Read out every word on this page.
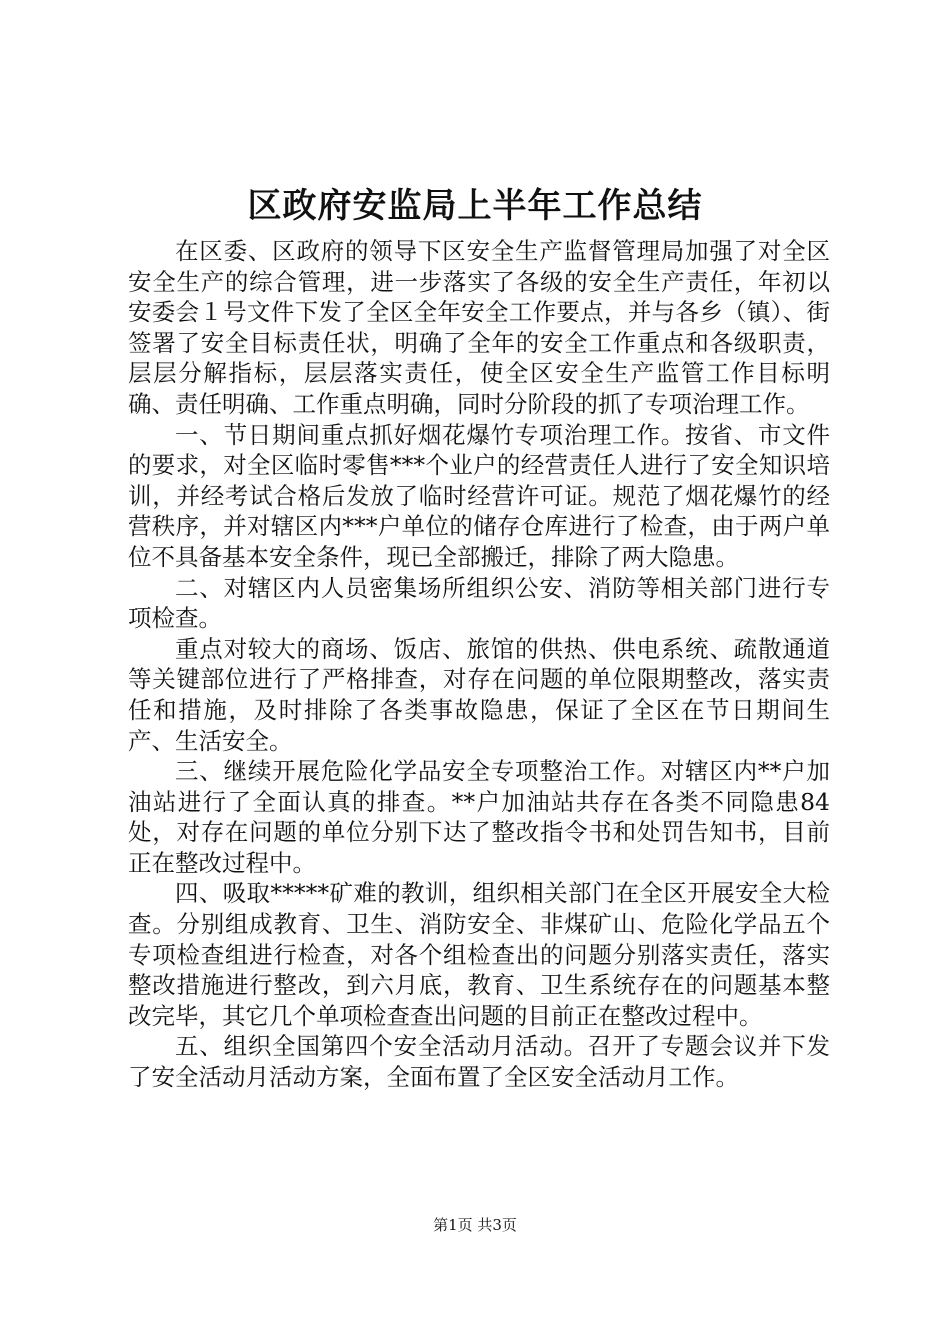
区政府安监局上半年工作总结

在区委、区政府的领导下区安全生产监督管理局加强了对全区安全生产的综合管理，进一步落实了各级的安全生产责任，年初以安委会１号文件下发了全区全年安全工作要点，并与各乡（镇）、街签署了安全目标责任状，明确了全年的安全工作重点和各级职责，层层分解指标，层层落实责任，使全区安全生产监管工作目标明确、责任明确、工作重点明确，同时分阶段的抓了专项治理工作。

一、节日期间重点抓好烟花爆竹专项治理工作。按省、市文件的要求，对全区临时零售***个业户的经营责任人进行了安全知识培训，并经考试合格后发放了临时经营许可证。规范了烟花爆竹的经营秩序，并对辖区内***户单位的储存仓库进行了检查，由于两户单位不具备基本安全条件，现已全部搬迁，排除了两大隐患。

二、对辖区内人员密集场所组织公安、消防等相关部门进行专项检查。

重点对较大的商场、饭店、旅馆的供热、供电系统、疏散通道等关键部位进行了严格排查，对存在问题的单位限期整改，落实责任和措施，及时排除了各类事故隐患，保证了全区在节日期间生产、生活安全。

三、继续开展危险化学品安全专项整治工作。对辖区内**户加油站进行了全面认真的排查。**户加油站共存在各类不同隐患84处，对存在问题的单位分别下达了整改指令书和处罚告知书，目前正在整改过程中。

四、吸取*****矿难的教训，组织相关部门在全区开展安全大检查。分别组成教育、卫生、消防安全、非煤矿山、危险化学品五个专项检查组进行检查，对各个组检查出的问题分别落实责任，落实整改措施进行整改，到六月底，教育、卫生系统存在的问题基本整改完毕，其它几个单项检查查出问题的目前正在整改过程中。

五、组织全国第四个安全活动月活动。召开了专题会议并下发了安全活动月活动方案，全面布置了全区安全活动月工作。

第1页 共3页
